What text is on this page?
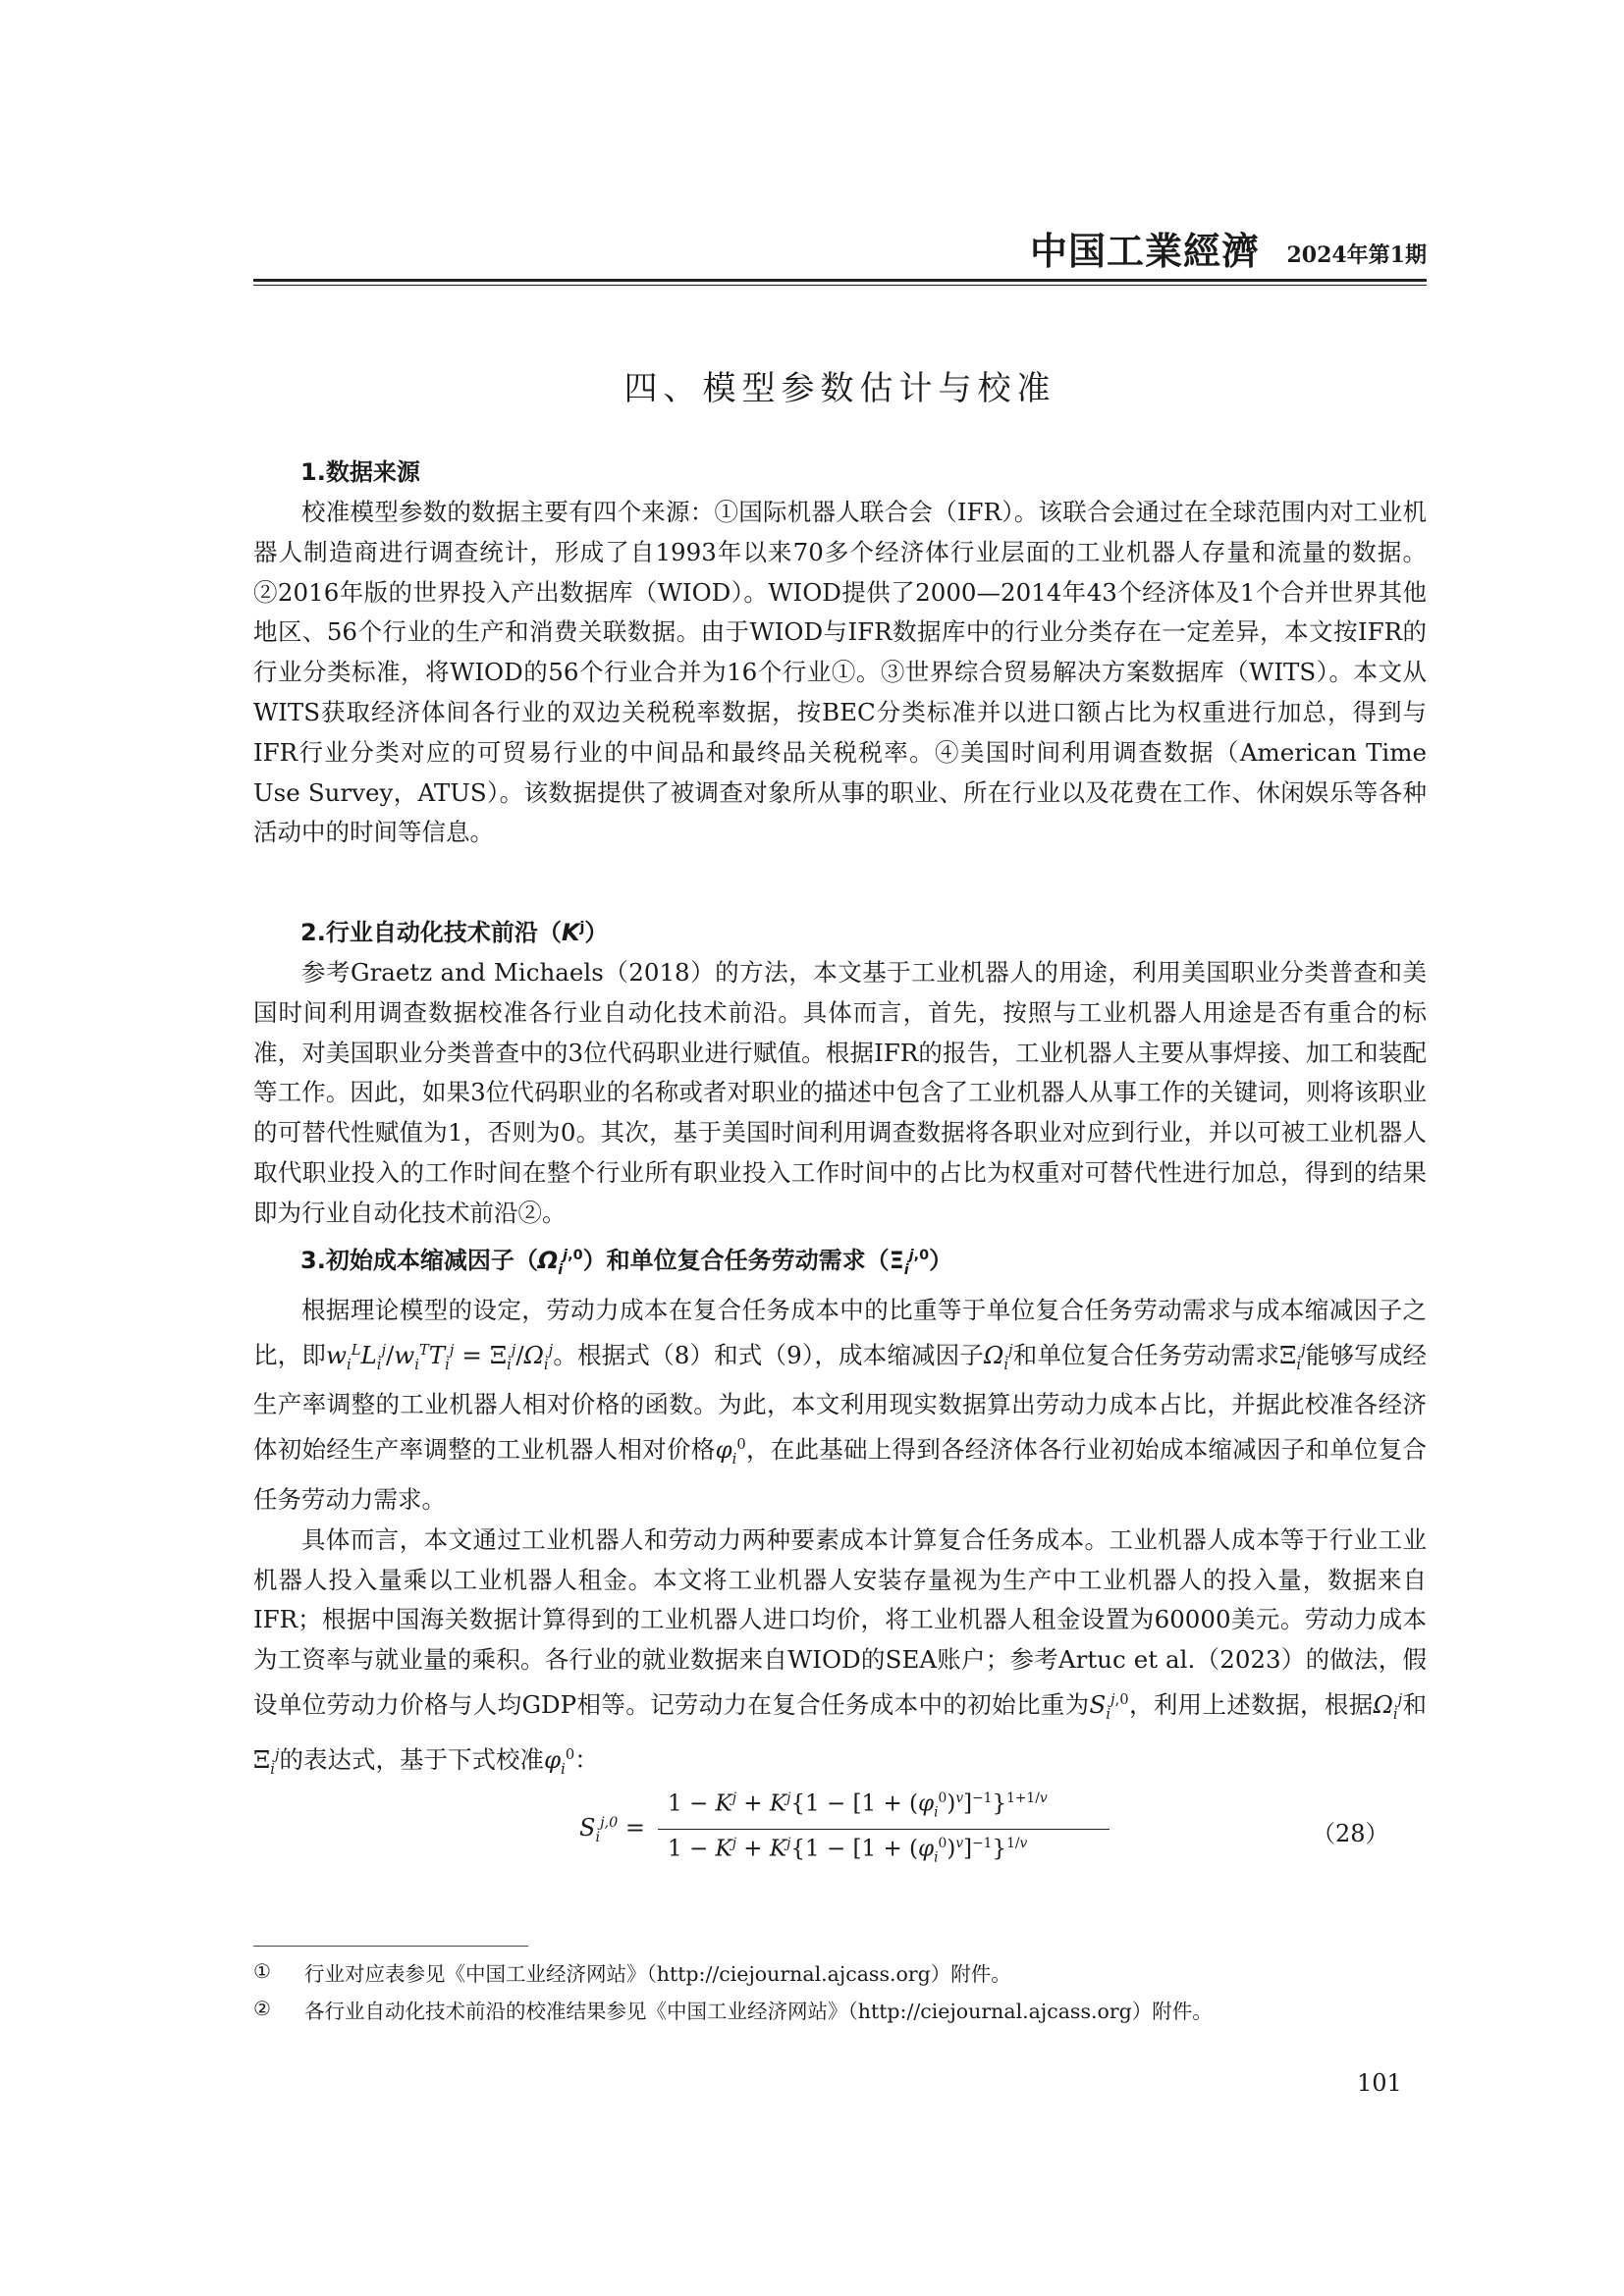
中国工業經濟 2024年第1期
四、模型参数估计与校准
1.数据来源

校准模型参数的数据主要有四个来源：①国际机器人联合会（IFR）。该联合会通过在全球范围内对工业机器人制造商进行调查统计，形成了自1993年以来70多个经济体行业层面的工业机器人存量和流量的数据。②2016年版的世界投入产出数据库（WIOD）。WIOD提供了2000—2014年43个经济体及1个合并世界其他地区、56个行业的生产和消费关联数据。由于WIOD与IFR数据库中的行业分类存在一定差异，本文按IFR的行业分类标准，将WIOD的56个行业合并为16个行业①。③世界综合贸易解决方案数据库（WITS）。本文从WITS获取经济体间各行业的双边关税税率数据，按BEC分类标准并以进口额占比为权重进行加总，得到与IFR行业分类对应的可贸易行业的中间品和最终品关税税率。④美国时间利用调查数据（American Time Use Survey，ATUS）。该数据提供了被调查对象所从事的职业、所在行业以及花费在工作、休闲娱乐等各种活动中的时间等信息。

2.行业自动化技术前沿$(K^j)$

参考Graetz and Michaels（2018）的方法，本文基于工业机器人的用途，利用美国职业分类普查和美国时间利用调查数据校准各行业自动化技术前沿。具体而言，首先，按照与工业机器人用途是否有重合的标准，对美国职业分类普查中的3位代码职业进行赋值。根据IFR的报告，工业机器人主要从事焊接、加工和装配等工作。因此，如果3位代码职业的名称或者对职业的描述中包含了工业机器人从事工作的关键词，则将该职业的可替代性赋值为1，否则为0。其次，基于美国时间利用调查数据将各职业对应到行业，并以可被工业机器人取代职业投入的工作时间在整个行业所有职业投入工作时间中的占比为权重对可替代性进行加总，得到的结果即为行业自动化技术前沿②。

3.初始成本缩减因子$(\Omega_i^{j,0})$和单位复合任务劳动需求$(\Xi_i^{j,0})$

根据理论模型的设定，劳动力成本在复合任务成本中的比重等于单位复合任务劳动需求与成本缩减因子之比，即$w_i^LL_i^j/w_i^TT_i^j = \Xi_i^j/\Omega_i^j$。根据式（8）和式（9），成本缩减因子$\Omega_i^j$和单位复合任务劳动需求$\Xi_i^j$能够写成经生产率调整的工业机器人相对价格的函数。为此，本文利用现实数据算出劳动力成本占比，并据此校准各经济体初始经生产率调整的工业机器人相对价格$\varphi_i^0$，在此基础上得到各经济体各行业初始成本缩减因子和单位复合任务劳动力需求。

具体而言，本文通过工业机器人和劳动力两种要素成本计算复合任务成本。工业机器人成本等于行业工业机器人投入量乘以工业机器人租金。本文将工业机器人安装存量视为生产中工业机器人的投入量，数据来自IFR；根据中国海关数据计算得到的工业机器人进口均价，将工业机器人租金设置为60000美元。劳动力成本为工资率与就业量的乘积。各行业的就业数据来自WIOD的SEA账户；参考Artuc et al.（2023）的做法，假设单位劳动力价格与人均GDP相等。记劳动力在复合任务成本中的初始比重为$S_i^{j,0}$，利用上述数据，根据$\Omega_i^j$和$\Xi_i^j$的表达式，基于下式校准$\varphi_i^0$：

$S_i^{j,0}$ =
$1 - K^j + K^j\{1 - [1 + (\varphi_i^0)^v]^{-1}\}^{1+1/v}$
$1 - K^j + K^j\{1 - [1 + (\varphi_i^0)^v]^{-1}\}^{1/v}$	（28）
① 行业对应表参见《中国工业经济网站》（http://ciejournal.ajcass.org）附件。
② 各行业自动化技术前沿的校准结果参见《中国工业经济网站》（http://ciejournal.ajcass.org）附件。
101
